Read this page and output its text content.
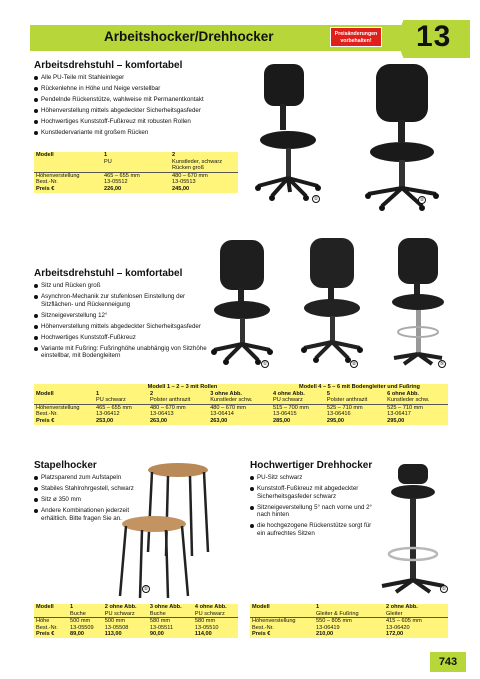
Arbeitshocker/Drehhocker	Preisänderungen vorbehalten!	13
Arbeitsdrehstuhl – komfortabel
Alle PU-Teile mit Stahleinleger
Rückenlehne in Höhe und Neige verstellbar
Pendelnde Rückenstütze, wahlweise mit Permanentkontakt
Höhenverstellung mittels abgedeckter Sicherheitsgasfeder
Hochwertiges Kunststoff-Fußkreuz mit robusten Rollen
Kunstledervariante mit großem Rücken
Modell	1	2
	PU	Kunstleder, schwarz
		Rücken groß
Höhenverstellung	465 – 655 mm	480 – 670 mm
Best.-Nr.	13-05512	13-05513
Preis €	226,00	245,00
①	②
Arbeitsdrehstuhl – komfortabel
Sitz und Rücken groß
Asynchron-Mechanik zur stufenlosen Einstellung der Sitzflächen- und Rückenneigung
Sitzneigeverstellung 12°
Höhenverstellung mittels abgedeckter Sicherheitsgasfeder
Hochwertiges Kunststoff-Fußkreuz
Variante mit Fußring: Fußringhöhe unabhängig von Sitzhöhe einstellbar, mit Bodengleitern
①	②	⑤
	Modell 1 – 2 – 3 mit Rollen			Modell 4 – 5 – 6 mit Bodengleiter und Fußring		
Modell	1	2	3 ohne Abb.	4 ohne Abb.	5	6 ohne Abb.
	PU schwarz	Polster anthrazit	Kunstleder schw.	PU schwarz	Polster anthrazit	Kunstleder schw.
Höhenverstellung	465 – 655 mm	480 – 670 mm	480 – 670 mm	515 – 700 mm	525 – 710 mm	525 – 710 mm
Best.-Nr.	13-06412	13-06413	13-06414	13-06415	13-06416	13-06417
Preis €	253,00	263,00	263,00	285,00	295,00	295,00
Stapelhocker
Platzsparend zum Aufstapeln
Stabiles Stahlrohrgestell, schwarz
Sitz ø 350 mm
Andere Kombinationen jederzeit erhältlich. Bitte fragen Sie an.
①
Modell	1	2 ohne Abb.	3 ohne Abb.	4 ohne Abb.
	Buche	PU schwarz	Buche	PU schwarz
Höhe	500 mm	500 mm	580 mm	580 mm
Best.-Nr.	13-05509	13-05508	13-05511	13-05510
Preis €	89,00	113,00	90,00	114,00
Hochwertiger Drehhocker
PU-Sitz schwarz
Kunststoff-Fußkreuz mit abgedeckter Sicherheitsgasfeder schwarz
Sitzneigeverstellung 5° nach vorne und 2° nach hinten
die hochgezogene Rückenstütze sorgt für ein aufrechtes Sitzen
①
Modell	1	2 ohne Abb.
	Gleiter & Fußring	Gleiter
Höhenverstellung	550 – 805 mm	415 – 605 mm
Best.-Nr.	13-06419	13-06420
Preis €	210,00	172,00
743
